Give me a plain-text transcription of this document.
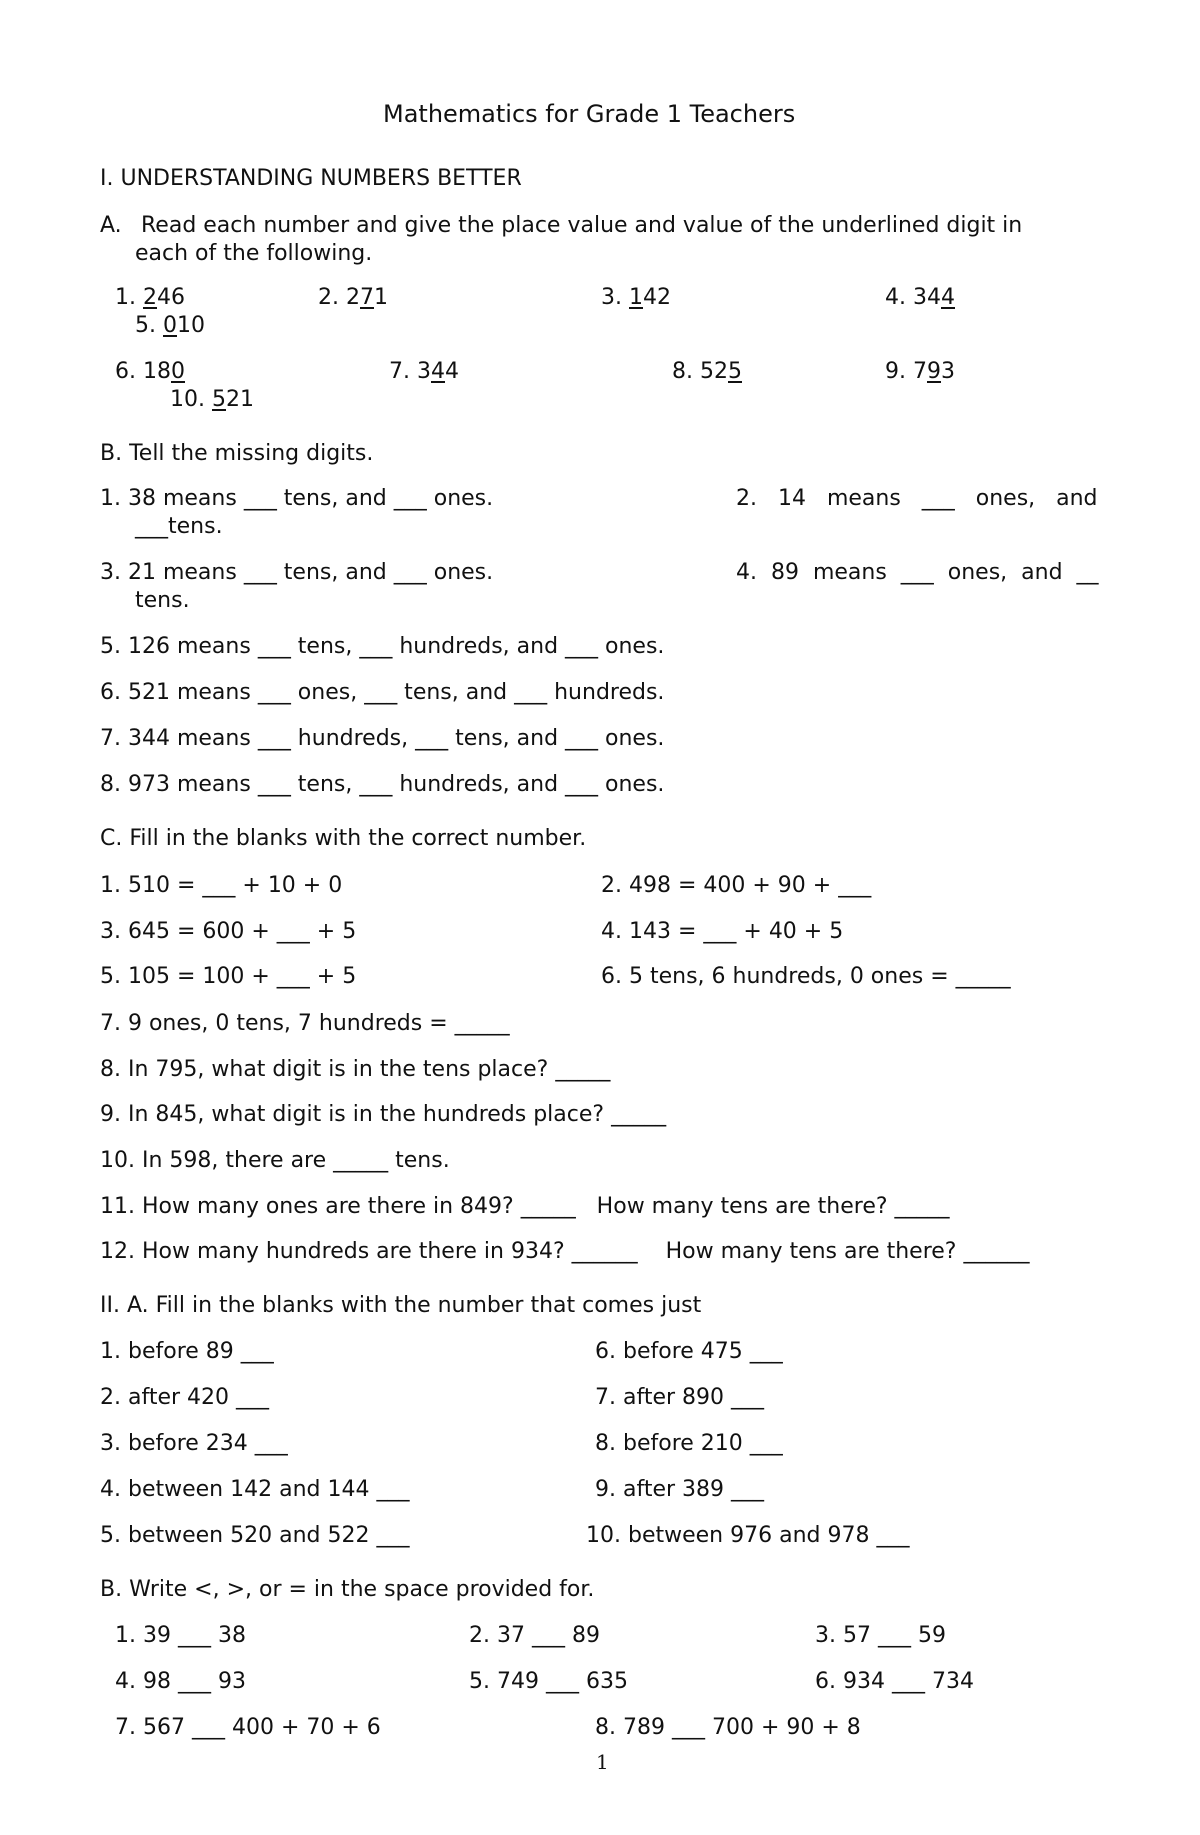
Mathematics for Grade 1 Teachers
I. UNDERSTANDING NUMBERS BETTER
A. Read each number and give the place value and value of the underlined digit in
each of the following.
1. 246	2. 271	3. 142	4. 344
5. 010
6. 180	7. 344	8. 525	9. 793
10. 521
B. Tell the missing digits.
1. 38 means ___ tens, and ___ ones.	2.   14   means   ___   ones,   and
___tens.
3. 21 means ___ tens, and ___ ones.	4.  89  means  ___  ones,  and  __
tens.
5. 126 means ___ tens, ___ hundreds, and ___ ones.
6. 521 means ___ ones, ___ tens, and ___ hundreds.
7. 344 means ___ hundreds, ___ tens, and ___ ones.
8. 973 means ___ tens, ___ hundreds, and ___ ones.
C. Fill in the blanks with the correct number.
1. 510 = ___ + 10 + 0	2. 498 = 400 + 90 + ___
3. 645 = 600 + ___ + 5	4. 143 = ___ + 40 + 5
5. 105 = 100 + ___ + 5	6. 5 tens, 6 hundreds, 0 ones = _____
7. 9 ones, 0 tens, 7 hundreds = _____
8. In 795, what digit is in the tens place? _____
9. In 845, what digit is in the hundreds place? _____
10. In 598, there are _____ tens.
11. How many ones are there in 849? _____   How many tens are there? _____
12. How many hundreds are there in 934? ______    How many tens are there? ______
II. A. Fill in the blanks with the number that comes just
1. before 89 ___	6. before 475 ___
2. after 420 ___	7. after 890 ___
3. before 234 ___	8. before 210 ___
4. between 142 and 144 ___	9. after 389 ___
5. between 520 and 522 ___	10. between 976 and 978 ___
B. Write <, >, or = in the space provided for.
1. 39 ___ 38	2. 37 ___ 89	3. 57 ___ 59
4. 98 ___ 93	5. 749 ___ 635	6. 934 ___ 734
7. 567 ___ 400 + 70 + 6	8. 789 ___ 700 + 90 + 8
1
